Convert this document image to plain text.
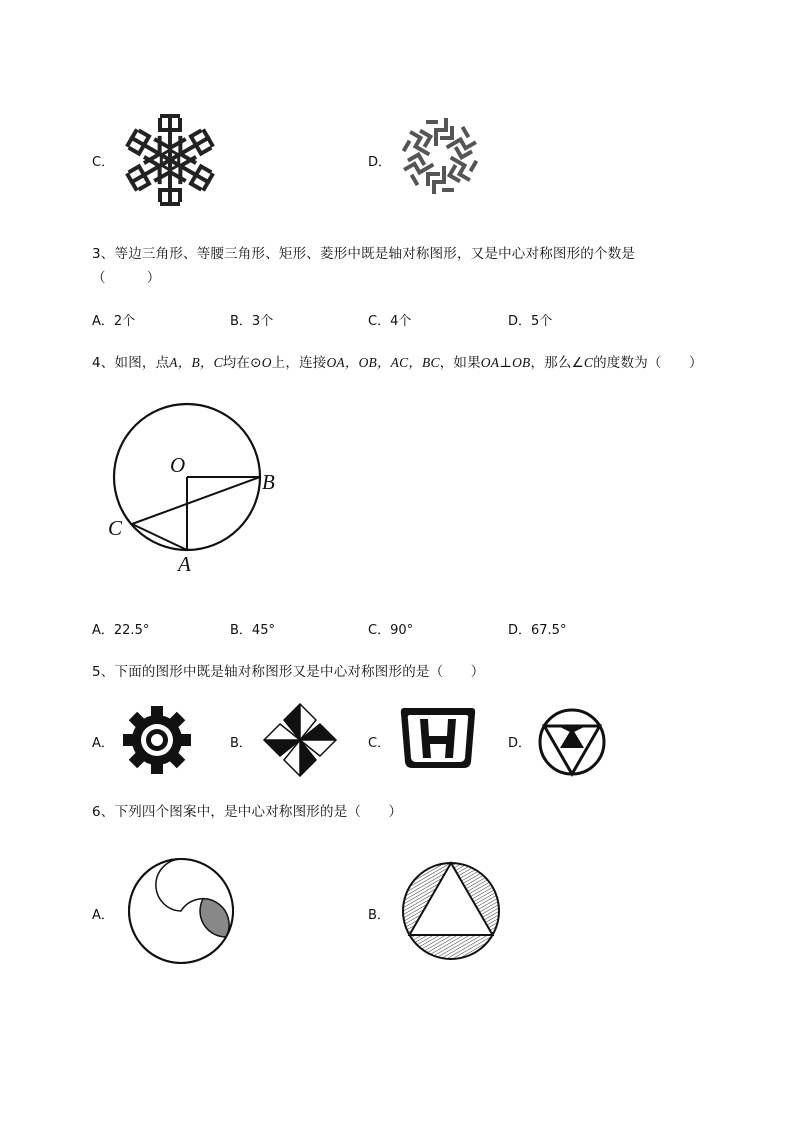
C．	D．
3、等边三角形、等腰三角形、矩形、菱形中既是轴对称图形，又是中心对称图形的个数是
（　　　）
A．2个	B．3个	C．4个	D．5个
4、如图，点A，B，C均在⊙O上，连接OA，OB，AC，BC，如果OA⊥OB，那么∠C的度数为（　　）
O
B
C
A
A．22.5°	B．45°	C．90°	D．67.5°
5、下面的图形中既是轴对称图形又是中心对称图形的是（　　）
A．	B．	C．	D．
6、下列四个图案中，是中心对称图形的是（　　）
A．	B．
